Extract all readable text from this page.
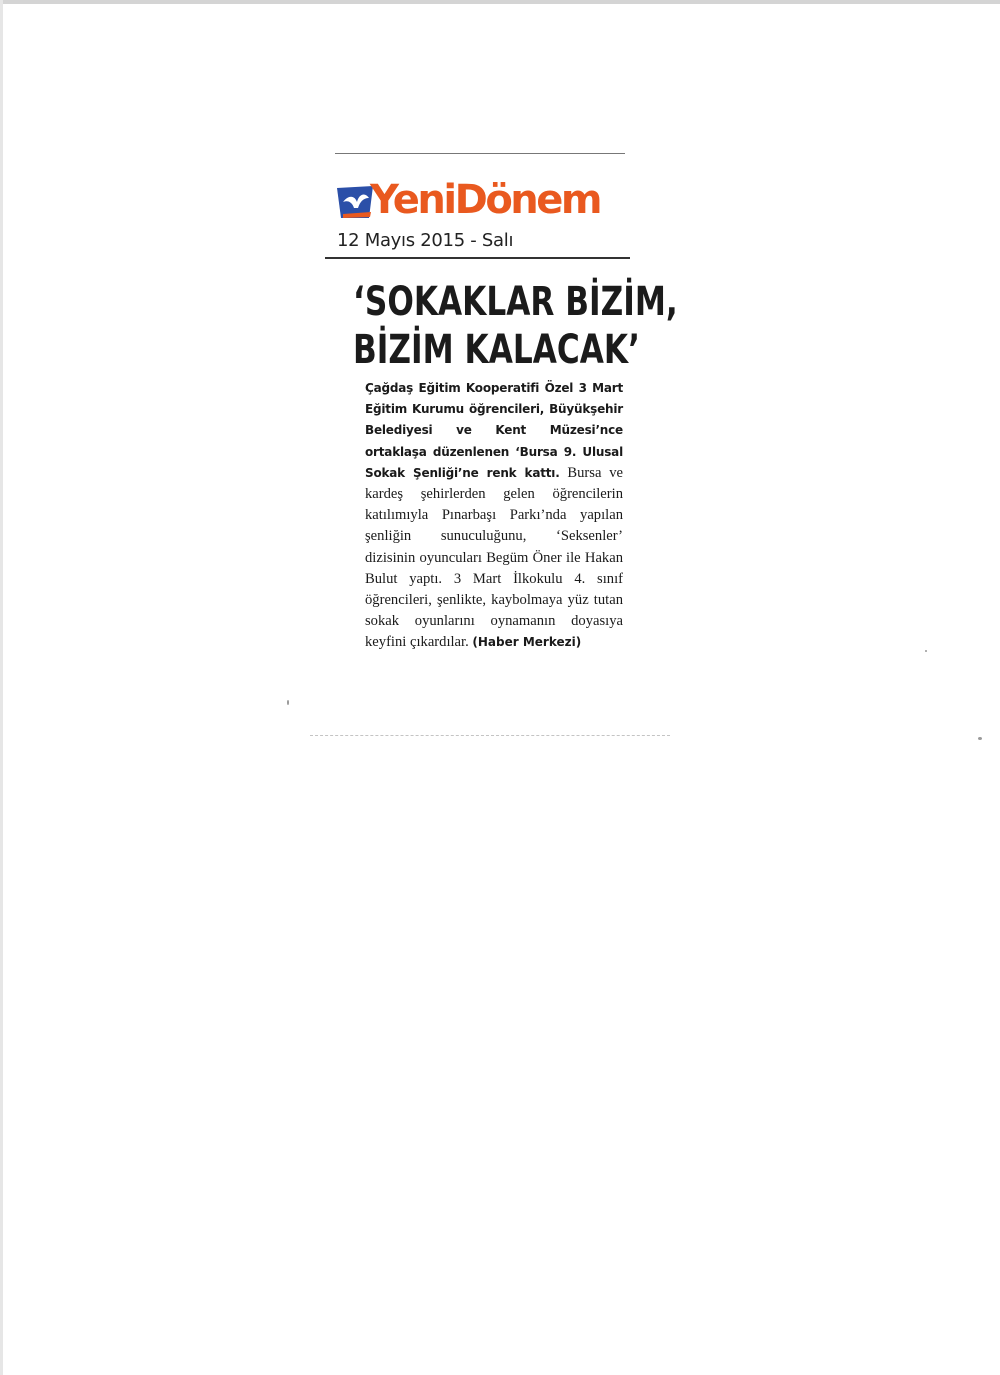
YeniDönem
12 Mayıs 2015 - Salı
‘SOKAKLAR BİZİM,
BİZİM KALACAK’
Çağdaş Eğitim Kooperatifi Özel 3 Mart Eğitim Kurumu öğrencileri, Büyükşehir Belediyesi ve Kent Müzesi’nce ortaklaşa düzenlenen ‘Bursa 9. Ulusal Sokak Şenliği’ne renk kattı. Bursa ve kardeş şehirlerden gelen öğrencilerin katılımıyla Pınarbaşı Parkı’nda yapılan şenliğin sunuculuğunu, ‘Seksenler’ dizisinin oyuncuları Begüm Öner ile Hakan Bulut yaptı. 3 Mart İlkokulu 4. sınıf öğrencileri, şenlikte, kaybolmaya yüz tutan sokak oyunlarını oynamanın doyasıya keyfini çıkardılar. (Haber Merkezi)
